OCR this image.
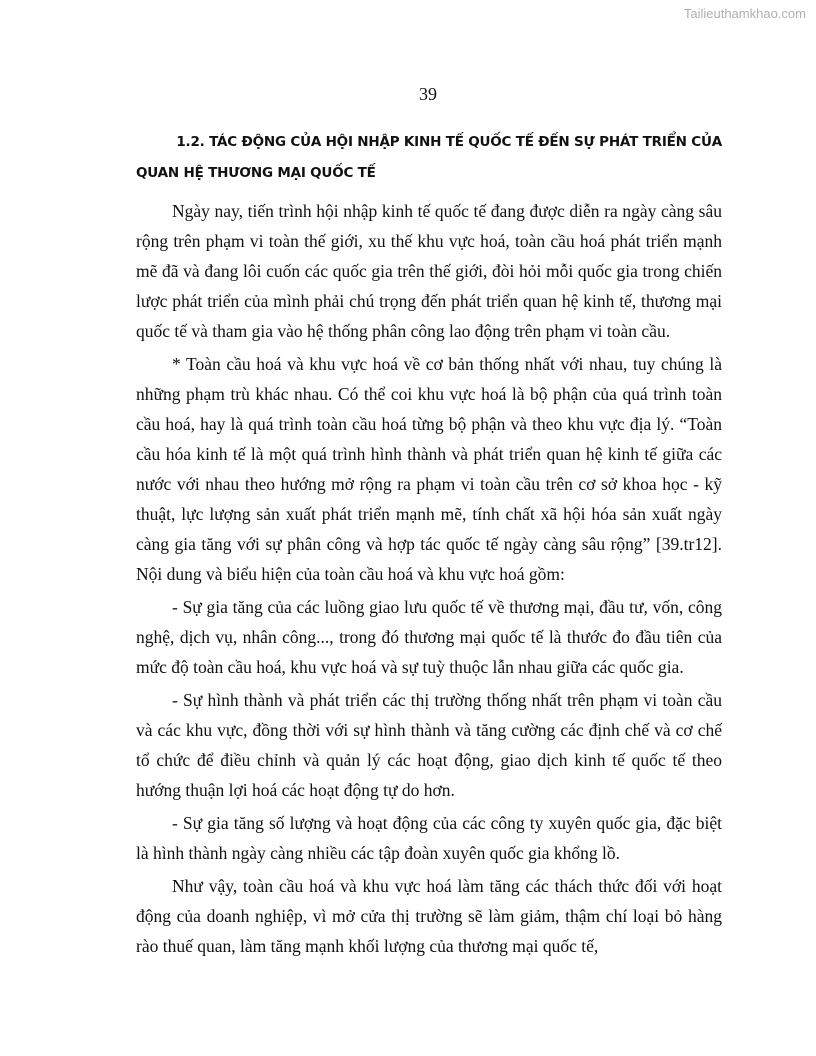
Tailieuthamkhao.com
39
1.2. TÁC ĐỘNG CỦA HỘI NHẬP KINH TẾ QUỐC TẾ ĐẾN SỰ PHÁT TRIỂN CỦA
QUAN HỆ THƯƠNG MẠI QUỐC TẾ

Ngày nay, tiến trình hội nhập kinh tế quốc tế đang được diễn ra ngày càng sâu rộng trên phạm vi toàn thế giới, xu thế khu vực hoá, toàn cầu hoá phát triển mạnh mẽ đã và đang lôi cuốn các quốc gia trên thế giới, đòi hỏi mỗi quốc gia trong chiến lược phát triển của mình phải chú trọng đến phát triển quan hệ kinh tế, thương mại quốc tế và tham gia vào hệ thống phân công lao động trên phạm vi toàn cầu.

* Toàn cầu hoá và khu vực hoá về cơ bản thống nhất với nhau, tuy chúng là những phạm trù khác nhau. Có thể coi khu vực hoá là bộ phận của quá trình toàn cầu hoá, hay là quá trình toàn cầu hoá từng bộ phận và theo khu vực địa lý. “Toàn cầu hóa kinh tế là một quá trình hình thành và phát triển quan hệ kinh tế giữa các nước với nhau theo hướng mở rộng ra phạm vi toàn cầu trên cơ sở khoa học - kỹ thuật, lực lượng sản xuất phát triển mạnh mẽ, tính chất xã hội hóa sản xuất ngày càng gia tăng với sự phân công và hợp tác quốc tế ngày càng sâu rộng” [39.tr12]. Nội dung và biểu hiện của toàn cầu hoá và khu vực hoá gồm:

- Sự gia tăng của các luồng giao lưu quốc tế về thương mại, đầu tư, vốn, công nghệ, dịch vụ, nhân công..., trong đó thương mại quốc tế là thước đo đầu tiên của mức độ toàn cầu hoá, khu vực hoá và sự tuỳ thuộc lẫn nhau giữa các quốc gia.

- Sự hình thành và phát triển các thị trường thống nhất trên phạm vi toàn cầu và các khu vực, đồng thời với sự hình thành và tăng cường các định chế và cơ chế tổ chức để điều chỉnh và quản lý các hoạt động, giao dịch kinh tế quốc tế theo hướng thuận lợi hoá các hoạt động tự do hơn.

- Sự gia tăng số lượng và hoạt động của các công ty xuyên quốc gia, đặc biệt là hình thành ngày càng nhiều các tập đoàn xuyên quốc gia khổng lồ.

Như vậy, toàn cầu hoá và khu vực hoá làm tăng các thách thức đối với hoạt động của doanh nghiệp, vì mở cửa thị trường sẽ làm giảm, thậm chí loại bỏ hàng rào thuế quan, làm tăng mạnh khối lượng của thương mại quốc tế,
